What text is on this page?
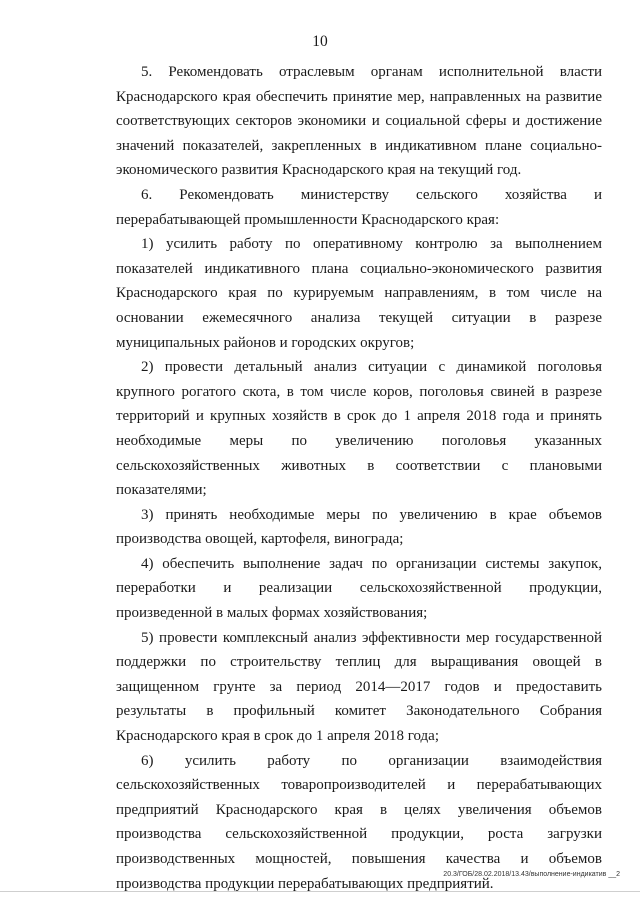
10

5. Рекомендовать отраслевым органам исполнительной власти Краснодарского края обеспечить принятие мер, направленных на развитие соответствующих секторов экономики и социальной сферы и достижение значений показателей, закрепленных в индикативном плане социально-экономического развития Краснодарского края на текущий год.

6. Рекомендовать министерству сельского хозяйства и перерабатывающей промышленности Краснодарского края:

1) усилить работу по оперативному контролю за выполнением показателей индикативного плана социально-экономического развития Краснодарского края по курируемым направлениям, в том числе на основании ежемесячного анализа текущей ситуации в разрезе муниципальных районов и городских округов;

2) провести детальный анализ ситуации с динамикой поголовья крупного рогатого скота, в том числе коров, поголовья свиней в разрезе территорий и крупных хозяйств в срок до 1 апреля 2018 года и принять необходимые меры по увеличению поголовья указанных сельскохозяйственных животных в соответствии с плановыми показателями;

3) принять необходимые меры по увеличению в крае объемов производства овощей, картофеля, винограда;

4) обеспечить выполнение задач по организации системы закупок, переработки и реализации сельскохозяйственной продукции, произведенной в малых формах хозяйствования;

5) провести комплексный анализ эффективности мер государственной поддержки по строительству теплиц для выращивания овощей в защищенном грунте за период 2014—2017 годов и предоставить результаты в профильный комитет Законодательного Собрания Краснодарского края в срок до 1 апреля 2018 года;

6) усилить работу по организации взаимодействия сельскохозяйственных товаропроизводителей и перерабатывающих предприятий Краснодарского края в целях увеличения объемов производства сельскохозяйственной продукции, роста загрузки производственных мощностей, повышения качества и объемов производства продукции перерабатывающих предприятий.

20.3/ГОБ/28.02.2018/13.43/выполнение-индикатив __2
